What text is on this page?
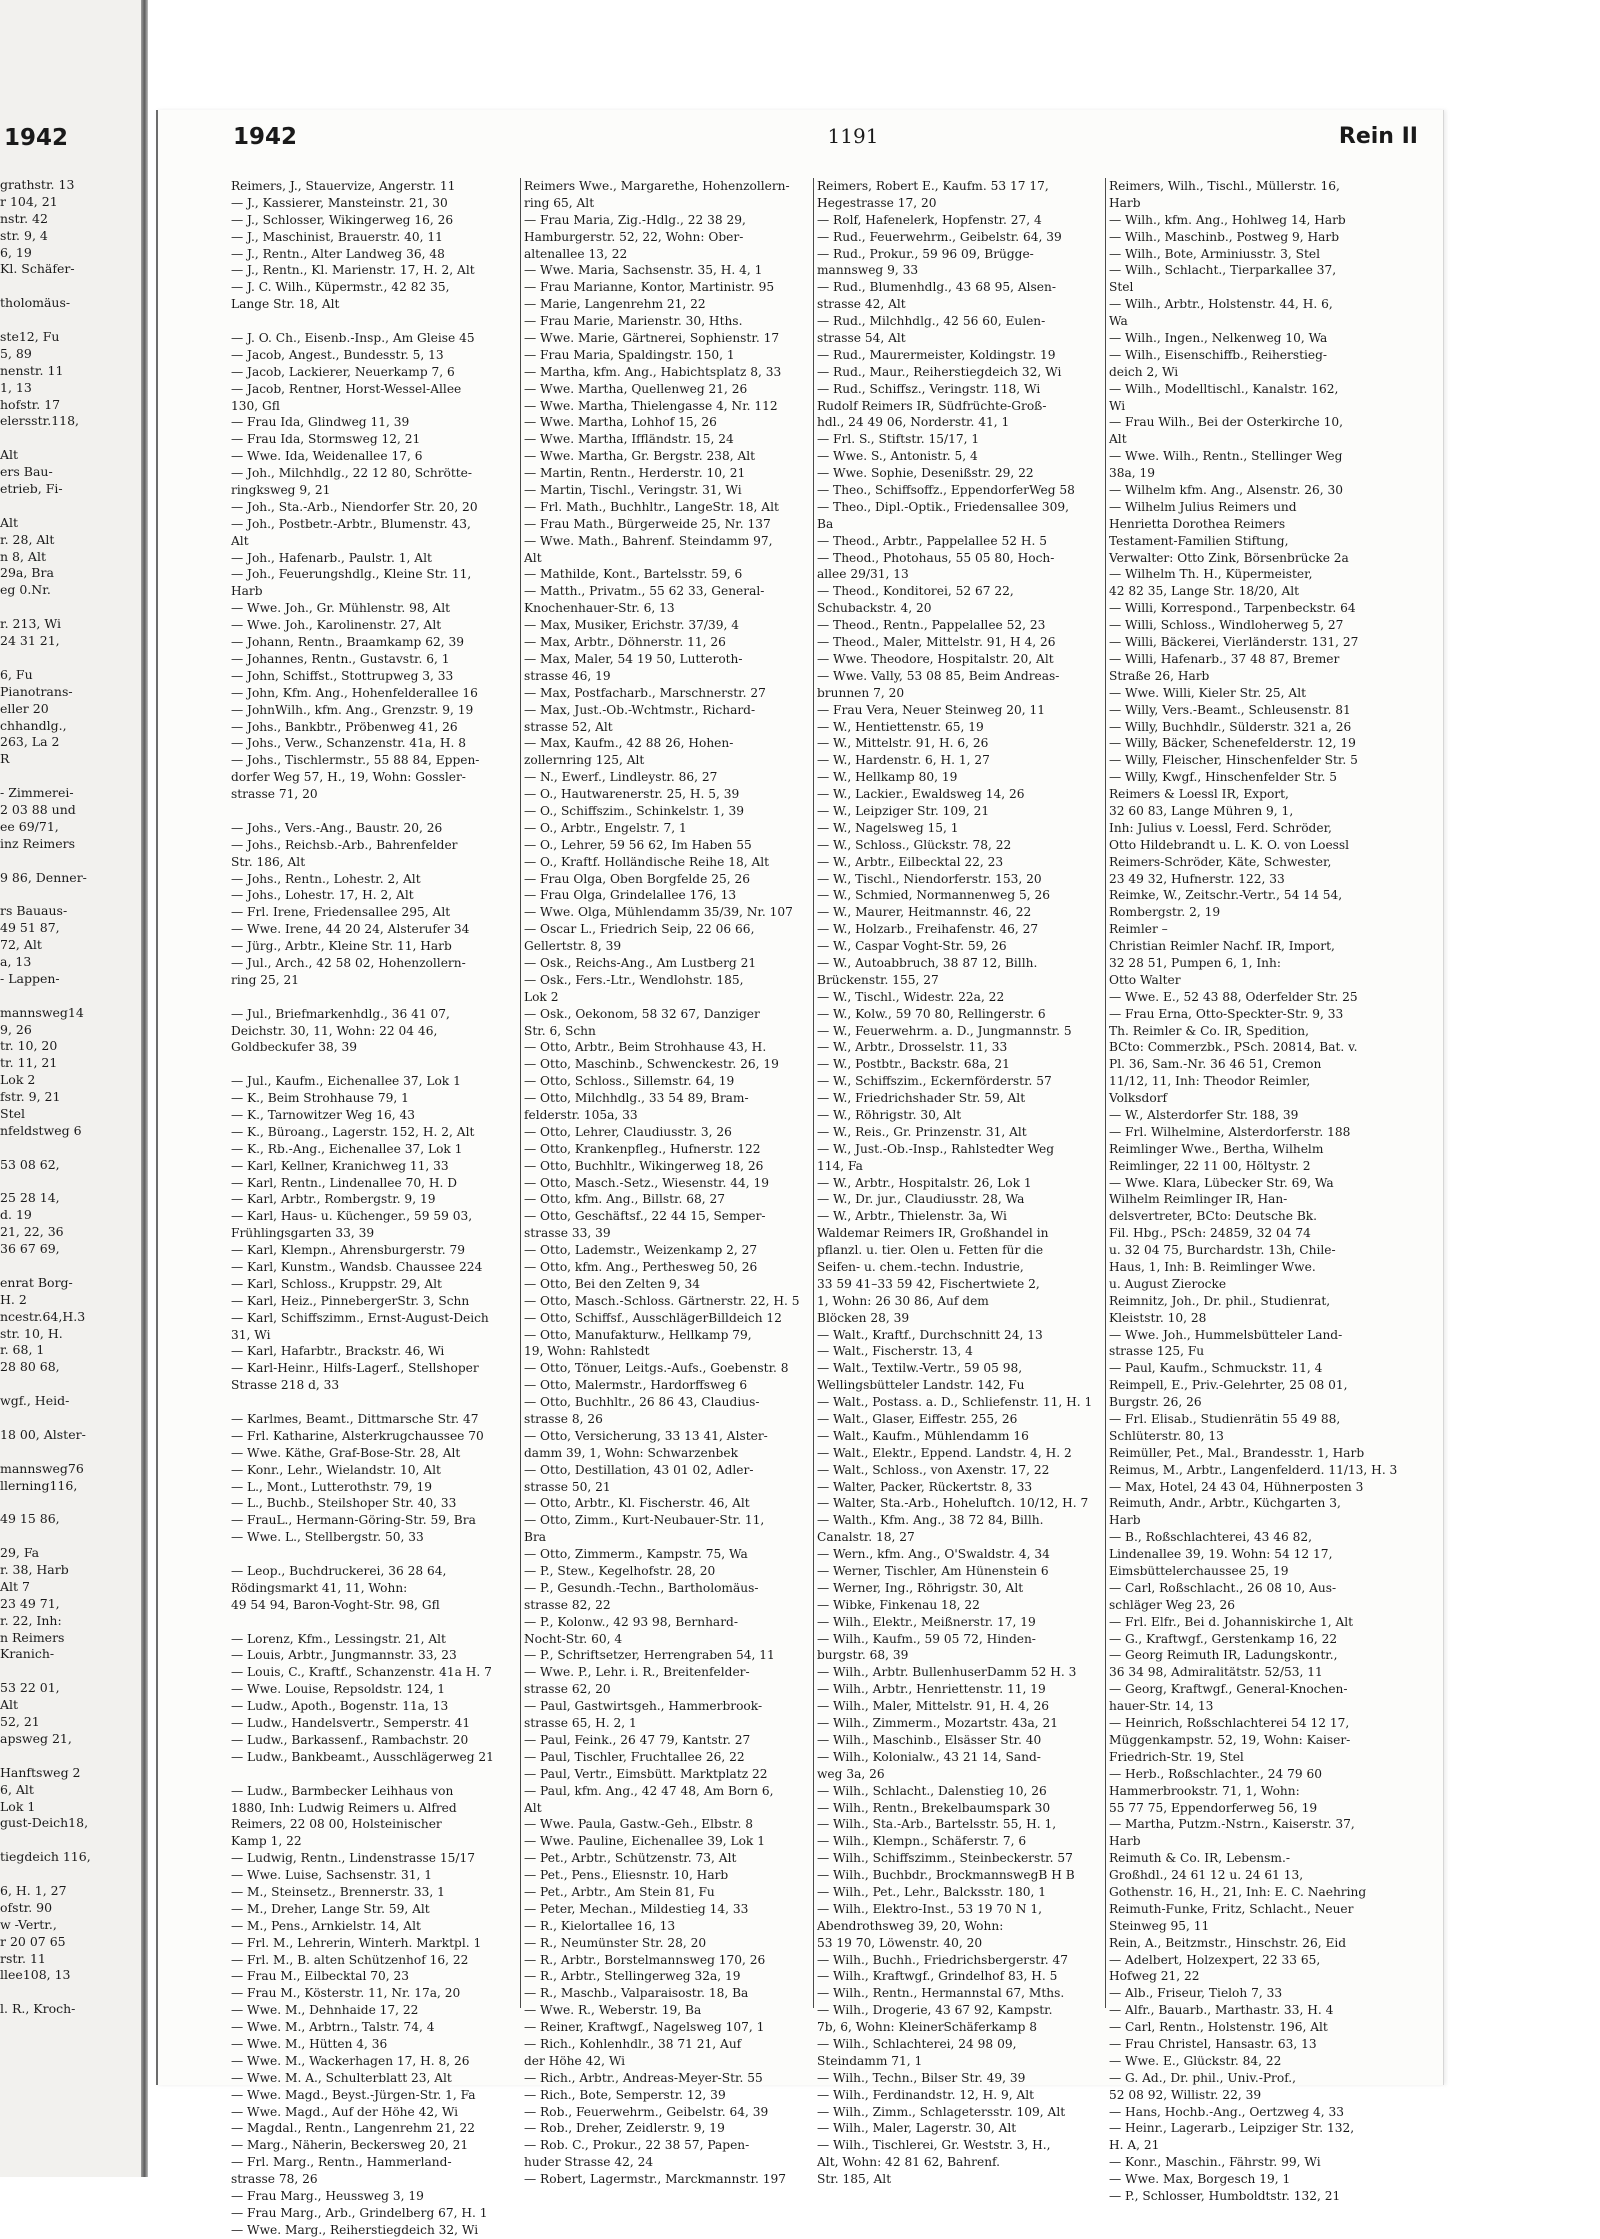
1942
grathstr. 13
r 104, 21
nstr. 42
str. 9, 4
6, 19
Kl. Schäfer-
tholomäus-
ste12, Fu
5, 89
nenstr. 11
1, 13
hofstr. 17
elersstr.118,
Alt
ers Bau-
etrieb, Fi-
Alt
r. 28, Alt
n 8, Alt
29a, Bra
eg 0.Nr.
r. 213, Wi
24 31 21,
6, Fu
Pianotrans-
eller 20
chhandlg.,
263, La 2
R
- Zimmerei-
2 03 88 und
ee 69/71,
inz Reimers
9 86, Denner-
rs Bauaus-
49 51 87,
72, Alt
a, 13
- Lappen-
mannsweg14
9, 26
tr. 10, 20
tr. 11, 21
Lok 2
fstr. 9, 21
Stel
nfeldstweg 6
53 08 62,
25 28 14,
d. 19
21, 22, 36
36 67 69,
enrat Borg-
H. 2
ncestr.64,H.3
str. 10, H.
r. 68, 1
28 80 68,
wgf., Heid-
18 00, Alster-
mannsweg76
llerning116,
49 15 86,
29, Fa
r. 38, Harb
Alt 7
23 49 71,
r. 22, Inh:
n Reimers
Kranich-
53 22 01,
Alt
52, 21
apsweg 21,
Hanftsweg 2
6, Alt
Lok 1
gust-Deich18,
tiegdeich 116,
6, H. 1, 27
ofstr. 90
w -Vertr.,
r 20 07 65
rstr. 11
llee108, 13
l. R., Kroch-
1942	1191	Rein II
Reimers, J., Stauervize, Angerstr. 11
— J., Kassierer, Mansteinstr. 21, 30
— J., Schlosser, Wikingerweg 16, 26
— J., Maschinist, Brauerstr. 40, 11
— J., Rentn., Alter Landweg 36, 48
— J., Rentn., Kl. Marienstr. 17, H. 2, Alt
— J. C. Wilh., Küpermstr., 42 82 35,
Lange Str. 18, Alt
— J. O. Ch., Eisenb.-Insp., Am Gleise 45
— Jacob, Angest., Bundesstr. 5, 13
— Jacob, Lackierer, Neuerkamp 7, 6
— Jacob, Rentner, Horst-Wessel-Allee
130, Gfl
— Frau Ida, Glindweg 11, 39
— Frau Ida, Stormsweg 12, 21
— Wwe. Ida, Weidenallee 17, 6
— Joh., Milchhdlg., 22 12 80, Schrötte-
ringksweg 9, 21
— Joh., Sta.-Arb., Niendorfer Str. 20, 20
— Joh., Postbetr.-Arbtr., Blumenstr. 43,
Alt
— Joh., Hafenarb., Paulstr. 1, Alt
— Joh., Feuerungshdlg., Kleine Str. 11,
Harb
— Wwe. Joh., Gr. Mühlenstr. 98, Alt
— Wwe. Joh., Karolinenstr. 27, Alt
— Johann, Rentn., Braamkamp 62, 39
— Johannes, Rentn., Gustavstr. 6, 1
— John, Schiffst., Stottrupweg 3, 33
— John, Kfm. Ang., Hohenfelderallee 16
— JohnWilh., kfm. Ang., Grenzstr. 9, 19
— Johs., Bankbtr., Pröbenweg 41, 26
— Johs., Verw., Schanzenstr. 41a, H. 8
— Johs., Tischlermstr., 55 88 84, Eppen-
dorfer Weg 57, H., 19, Wohn: Gossler-
strasse 71, 20
— Johs., Vers.-Ang., Baustr. 20, 26
— Johs., Reichsb.-Arb., Bahrenfelder
Str. 186, Alt
— Johs., Rentn., Lohestr. 2, Alt
— Johs., Lohestr. 17, H. 2, Alt
— Frl. Irene, Friedensallee 295, Alt
— Wwe. Irene, 44 20 24, Alsterufer 34
— Jürg., Arbtr., Kleine Str. 11, Harb
— Jul., Arch., 42 58 02, Hohenzollern-
ring 25, 21
— Jul., Briefmarkenhdlg., 36 41 07,
Deichstr. 30, 11, Wohn: 22 04 46,
Goldbeckufer 38, 39
— Jul., Kaufm., Eichenallee 37, Lok 1
— K., Beim Strohhause 79, 1
— K., Tarnowitzer Weg 16, 43
— K., Büroang., Lagerstr. 152, H. 2, Alt
— K., Rb.-Ang., Eichenallee 37, Lok 1
— Karl, Kellner, Kranichweg 11, 33
— Karl, Rentn., Lindenallee 70, H. D
— Karl, Arbtr., Rombergstr. 9, 19
— Karl, Haus- u. Küchenger., 59 59 03,
Frühlingsgarten 33, 39
— Karl, Klempn., Ahrensburgerstr. 79
— Karl, Kunstm., Wandsb. Chaussee 224
— Karl, Schloss., Kruppstr. 29, Alt
— Karl, Heiz., PinnebergerStr. 3, Schn
— Karl, Schiffszimm., Ernst-August-Deich
31, Wi
— Karl, Hafarbtr., Brackstr. 46, Wi
— Karl-Heinr., Hilfs-Lagerf., Stellshoper
Strasse 218 d, 33
— Karlmes, Beamt., Dittmarsche Str. 47
— Frl. Katharine, Alsterkrugchaussee 70
— Wwe. Käthe, Graf-Bose-Str. 28, Alt
— Konr., Lehr., Wielandstr. 10, Alt
— L., Mont., Lutterothstr. 79, 19
— L., Buchb., Steilshoper Str. 40, 33
— FrauL., Hermann-Göring-Str. 59, Bra
— Wwe. L., Stellbergstr. 50, 33
— Leop., Buchdruckerei, 36 28 64,
Rödingsmarkt 41, 11, Wohn:
49 54 94, Baron-Voght-Str. 98, Gfl
— Lorenz, Kfm., Lessingstr. 21, Alt
— Louis, Arbtr., Jungmannstr. 33, 23
— Louis, C., Kraftf., Schanzenstr. 41a H. 7
— Wwe. Louise, Repsoldstr. 124, 1
— Ludw., Apoth., Bogenstr. 11a, 13
— Ludw., Handelsvertr., Semperstr. 41
— Ludw., Barkassenf., Rambachstr. 20
— Ludw., Bankbeamt., Ausschlägerweg 21
— Ludw., Barmbecker Leihhaus von
1880, Inh: Ludwig Reimers u. Alfred
Reimers, 22 08 00, Holsteinischer
Kamp 1, 22
— Ludwig, Rentn., Lindenstrasse 15/17
— Wwe. Luise, Sachsenstr. 31, 1
— M., Steinsetz., Brennerstr. 33, 1
— M., Dreher, Lange Str. 59, Alt
— M., Pens., Arnkielstr. 14, Alt
— Frl. M., Lehrerin, Winterh. Marktpl. 1
— Frl. M., B. alten Schützenhof 16, 22
— Frau M., Eilbecktal 70, 23
— Frau M., Kösterstr. 11, Nr. 17a, 20
— Wwe. M., Dehnhaide 17, 22
— Wwe. M., Arbtrn., Talstr. 74, 4
— Wwe. M., Hütten 4, 36
— Wwe. M., Wackerhagen 17, H. 8, 26
— Wwe. M. A., Schulterblatt 23, Alt
— Wwe. Magd., Beyst.-Jürgen-Str. 1, Fa
— Wwe. Magd., Auf der Höhe 42, Wi
— Magdal., Rentn., Langenrehm 21, 22
— Marg., Näherin, Beckersweg 20, 21
— Frl. Marg., Rentn., Hammerland-
strasse 78, 26
— Frau Marg., Heussweg 3, 19
— Frau Marg., Arb., Grindelberg 67, H. 1
— Wwe. Marg., Reiherstiegdeich 32, Wi
Reimers Wwe., Margarethe, Hohenzollern-
ring 65, Alt
— Frau Maria, Zig.-Hdlg., 22 38 29,
Hamburgerstr. 52, 22, Wohn: Ober-
altenallee 13, 22
— Wwe. Maria, Sachsenstr. 35, H. 4, 1
— Frau Marianne, Kontor, Martinistr. 95
— Marie, Langenrehm 21, 22
— Frau Marie, Marienstr. 30, Hths.
— Wwe. Marie, Gärtnerei, Sophienstr. 17
— Frau Maria, Spaldingstr. 150, 1
— Martha, kfm. Ang., Habichtsplatz 8, 33
— Wwe. Martha, Quellenweg 21, 26
— Wwe. Martha, Thielengasse 4, Nr. 112
— Wwe. Martha, Lohhof 15, 26
— Wwe. Martha, Iffländstr. 15, 24
— Wwe. Martha, Gr. Bergstr. 238, Alt
— Martin, Rentn., Herderstr. 10, 21
— Martin, Tischl., Veringstr. 31, Wi
— Frl. Math., Buchhltr., LangeStr. 18, Alt
— Frau Math., Bürgerweide 25, Nr. 137
— Wwe. Math., Bahrenf. Steindamm 97,
Alt
— Mathilde, Kont., Bartelsstr. 59, 6
— Matth., Privatm., 55 62 33, General-
Knochenhauer-Str. 6, 13
— Max, Musiker, Erichstr. 37/39, 4
— Max, Arbtr., Döhnerstr. 11, 26
— Max, Maler, 54 19 50, Lutteroth-
strasse 46, 19
— Max, Postfacharb., Marschnerstr. 27
— Max, Just.-Ob.-Wchtmstr., Richard-
strasse 52, Alt
— Max, Kaufm., 42 88 26, Hohen-
zollernring 125, Alt
— N., Ewerf., Lindleystr. 86, 27
— O., Hautwarenerstr. 25, H. 5, 39
— O., Schiffszim., Schinkelstr. 1, 39
— O., Arbtr., Engelstr. 7, 1
— O., Lehrer, 59 56 62, Im Haben 55
— O., Kraftf. Holländische Reihe 18, Alt
— Frau Olga, Oben Borgfelde 25, 26
— Frau Olga, Grindelallee 176, 13
— Wwe. Olga, Mühlendamm 35/39, Nr. 107
— Oscar L., Friedrich Seip, 22 06 66,
Gellertstr. 8, 39
— Osk., Reichs-Ang., Am Lustberg 21
— Osk., Fers.-Ltr., Wendlohstr. 185,
Lok 2
— Osk., Oekonom, 58 32 67, Danziger
Str. 6, Schn
— Otto, Arbtr., Beim Strohhause 43, H.
— Otto, Maschinb., Schwenckestr. 26, 19
— Otto, Schloss., Sillemstr. 64, 19
— Otto, Milchhdlg., 33 54 89, Bram-
felderstr. 105a, 33
— Otto, Lehrer, Claudiusstr. 3, 26
— Otto, Krankenpfleg., Hufnerstr. 122
— Otto, Buchhltr., Wikingerweg 18, 26
— Otto, Masch.-Setz., Wiesenstr. 44, 19
— Otto, kfm. Ang., Billstr. 68, 27
— Otto, Geschäftsf., 22 44 15, Semper-
strasse 33, 39
— Otto, Lademstr., Weizenkamp 2, 27
— Otto, kfm. Ang., Perthesweg 50, 26
— Otto, Bei den Zelten 9, 34
— Otto, Masch.-Schloss. Gärtnerstr. 22, H. 5
— Otto, Schiffsf., AusschlägerBilldeich 12
— Otto, Manufakturw., Hellkamp 79,
19, Wohn: Rahlstedt
— Otto, Tönuer, Leitgs.-Aufs., Goebenstr. 8
— Otto, Malermstr., Hardorffsweg 6
— Otto, Buchhltr., 26 86 43, Claudius-
strasse 8, 26
— Otto, Versicherung, 33 13 41, Alster-
damm 39, 1, Wohn: Schwarzenbek
— Otto, Destillation, 43 01 02, Adler-
strasse 50, 21
— Otto, Arbtr., Kl. Fischerstr. 46, Alt
— Otto, Zimm., Kurt-Neubauer-Str. 11,
Bra
— Otto, Zimmerm., Kampstr. 75, Wa
— P., Stew., Kegelhofstr. 28, 20
— P., Gesundh.-Techn., Bartholomäus-
strasse 82, 22
— P., Kolonw., 42 93 98, Bernhard-
Nocht-Str. 60, 4
— P., Schriftsetzer, Herrengraben 54, 11
— Wwe. P., Lehr. i. R., Breitenfelder-
strasse 62, 20
— Paul, Gastwirtsgeh., Hammerbrook-
strasse 65, H. 2, 1
— Paul, Feink., 26 47 79, Kantstr. 27
— Paul, Tischler, Fruchtallee 26, 22
— Paul, Vertr., Eimsbütt. Marktplatz 22
— Paul, kfm. Ang., 42 47 48, Am Born 6,
Alt
— Wwe. Paula, Gastw.-Geh., Elbstr. 8
— Wwe. Pauline, Eichenallee 39, Lok 1
— Pet., Arbtr., Schützenstr. 73, Alt
— Pet., Pens., Eliesnstr. 10, Harb
— Pet., Arbtr., Am Stein 81, Fu
— Peter, Mechan., Mildestieg 14, 33
— R., Kielortallee 16, 13
— R., Neumünster Str. 28, 20
— R., Arbtr., Borstelmannsweg 170, 26
— R., Arbtr., Stellingerweg 32a, 19
— R., Maschb., Valparaisostr. 18, Ba
— Wwe. R., Weberstr. 19, Ba
— Reiner, Kraftwgf., Nagelsweg 107, 1
— Rich., Kohlenhdlr., 38 71 21, Auf
der Höhe 42, Wi
— Rich., Arbtr., Andreas-Meyer-Str. 55
— Rich., Bote, Semperstr. 12, 39
— Rob., Feuerwehrm., Geibelstr. 64, 39
— Rob., Dreher, Zeidlerstr. 9, 19
— Rob. C., Prokur., 22 38 57, Papen-
huder Strasse 42, 24
— Robert, Lagermstr., Marckmannstr. 197
Reimers, Robert E., Kaufm. 53 17 17,
Hegestrasse 17, 20
— Rolf, Hafenelerk, Hopfenstr. 27, 4
— Rud., Feuerwehrm., Geibelstr. 64, 39
— Rud., Prokur., 59 96 09, Brügge-
mannsweg 9, 33
— Rud., Blumenhdlg., 43 68 95, Alsen-
strasse 42, Alt
— Rud., Milchhdlg., 42 56 60, Eulen-
strasse 54, Alt
— Rud., Maurermeister, Koldingstr. 19
— Rud., Maur., Reiherstiegdeich 32, Wi
— Rud., Schiffsz., Veringstr. 118, Wi
Rudolf Reimers IR, Südfrüchte-Groß-
hdl., 24 49 06, Norderstr. 41, 1
— Frl. S., Stiftstr. 15/17, 1
— Wwe. S., Antonistr. 5, 4
— Wwe. Sophie, Desenißstr. 29, 22
— Theo., Schiffsoffz., EppendorferWeg 58
— Theo., Dipl.-Optik., Friedensallee 309,
Ba
— Theod., Arbtr., Pappelallee 52 H. 5
— Theod., Photohaus, 55 05 80, Hoch-
allee 29/31, 13
— Theod., Konditorei, 52 67 22,
Schubackstr. 4, 20
— Theod., Rentn., Pappelallee 52, 23
— Theod., Maler, Mittelstr. 91, H 4, 26
— Wwe. Theodore, Hospitalstr. 20, Alt
— Wwe. Vally, 53 08 85, Beim Andreas-
brunnen 7, 20
— Frau Vera, Neuer Steinweg 20, 11
— W., Hentiettenstr. 65, 19
— W., Mittelstr. 91, H. 6, 26
— W., Hardenstr. 6, H. 1, 27
— W., Hellkamp 80, 19
— W., Lackier., Ewaldsweg 14, 26
— W., Leipziger Str. 109, 21
— W., Nagelsweg 15, 1
— W., Schloss., Glückstr. 78, 22
— W., Arbtr., Eilbecktal 22, 23
— W., Tischl., Niendorferstr. 153, 20
— W., Schmied, Normannenweg 5, 26
— W., Maurer, Heitmannstr. 46, 22
— W., Holzarb., Freihafenstr. 46, 27
— W., Caspar Voght-Str. 59, 26
— W., Autoabbruch, 38 87 12, Billh.
Brückenstr. 155, 27
— W., Tischl., Widestr. 22a, 22
— W., Kolw., 59 70 80, Rellingerstr. 6
— W., Feuerwehrm. a. D., Jungmannstr. 5
— W., Arbtr., Drosselstr. 11, 33
— W., Postbtr., Backstr. 68a, 21
— W., Schiffszim., Eckernförderstr. 57
— W., Friedrichshader Str. 59, Alt
— W., Röhrigstr. 30, Alt
— W., Reis., Gr. Prinzenstr. 31, Alt
— W., Just.-Ob.-Insp., Rahlstedter Weg
114, Fa
— W., Arbtr., Hospitalstr. 26, Lok 1
— W., Dr. jur., Claudiusstr. 28, Wa
— W., Arbtr., Thielenstr. 3a, Wi
Waldemar Reimers IR, Großhandel in
pflanzl. u. tier. Olen u. Fetten für die
Seifen- u. chem.-techn. Industrie,
33 59 41–33 59 42, Fischertwiete 2,
1, Wohn: 26 30 86, Auf dem
Blöcken 28, 39
— Walt., Kraftf., Durchschnitt 24, 13
— Walt., Fischerstr. 13, 4
— Walt., Textilw.-Vertr., 59 05 98,
Wellingsbütteler Landstr. 142, Fu
— Walt., Postass. a. D., Schliefenstr. 11, H. 1
— Walt., Glaser, Eiffestr. 255, 26
— Walt., Kaufm., Mühlendamm 16
— Walt., Elektr., Eppend. Landstr. 4, H. 2
— Walt., Schloss., von Axenstr. 17, 22
— Walter, Packer, Rückertstr. 8, 33
— Walter, Sta.-Arb., Hoheluftch. 10/12, H. 7
— Walth., Kfm. Ang., 38 72 84, Billh.
Canalstr. 18, 27
— Wern., kfm. Ang., O'Swaldstr. 4, 34
— Werner, Tischler, Am Hünenstein 6
— Werner, Ing., Röhrigstr. 30, Alt
— Wibke, Finkenau 18, 22
— Wilh., Elektr., Meißnerstr. 17, 19
— Wilh., Kaufm., 59 05 72, Hinden-
burgstr. 68, 39
— Wilh., Arbtr. BullenhuserDamm 52 H. 3
— Wilh., Arbtr., Henriettenstr. 11, 19
— Wilh., Maler, Mittelstr. 91, H. 4, 26
— Wilh., Zimmerm., Mozartstr. 43a, 21
— Wilh., Maschinb., Elsässer Str. 40
— Wilh., Kolonialw., 43 21 14, Sand-
weg 3a, 26
— Wilh., Schlacht., Dalenstieg 10, 26
— Wilh., Rentn., Brekelbaumspark 30
— Wilh., Sta.-Arb., Bartelsstr. 55, H. 1,
— Wilh., Klempn., Schäferstr. 7, 6
— Wilh., Schiffszimm., Steinbeckerstr. 57
— Wilh., Buchbdr., BrockmannswegB H B
— Wilh., Pet., Lehr., Balcksstr. 180, 1
— Wilh., Elektro-Inst., 53 19 70 N 1,
Abendrothsweg 39, 20, Wohn:
53 19 70, Löwenstr. 40, 20
— Wilh., Buchh., Friedrichsbergerstr. 47
— Wilh., Kraftwgf., Grindelhof 83, H. 5
— Wilh., Rentn., Hermannstal 67, Mths.
— Wilh., Drogerie, 43 67 92, Kampstr.
7b, 6, Wohn: KleinerSchäferkamp 8
— Wilh., Schlachterei, 24 98 09,
Steindamm 71, 1
— Wilh., Techn., Bilser Str. 49, 39
— Wilh., Ferdinandstr. 12, H. 9, Alt
— Wilh., Zimm., Schlagetersstr. 109, Alt
— Wilh., Maler, Lagerstr. 30, Alt
— Wilh., Tischlerei, Gr. Weststr. 3, H.,
Alt, Wohn: 42 81 62, Bahrenf.
Str. 185, Alt
Reimers, Wilh., Tischl., Müllerstr. 16,
Harb
— Wilh., kfm. Ang., Hohlweg 14, Harb
— Wilh., Maschinb., Postweg 9, Harb
— Wilh., Bote, Arminiusstr. 3, Stel
— Wilh., Schlacht., Tierparkallee 37,
Stel
— Wilh., Arbtr., Holstenstr. 44, H. 6,
Wa
— Wilh., Ingen., Nelkenweg 10, Wa
— Wilh., Eisenschiffb., Reiherstieg-
deich 2, Wi
— Wilh., Modelltischl., Kanalstr. 162,
Wi
— Frau Wilh., Bei der Osterkirche 10,
Alt
— Wwe. Wilh., Rentn., Stellinger Weg
38a, 19
— Wilhelm kfm. Ang., Alsenstr. 26, 30
— Wilhelm Julius Reimers und
Henrietta Dorothea Reimers
Testament-Familien Stiftung,
Verwalter: Otto Zink, Börsenbrücke 2a
— Wilhelm Th. H., Küpermeister,
42 82 35, Lange Str. 18/20, Alt
— Willi, Korrespond., Tarpenbeckstr. 64
— Willi, Schloss., Windloherweg 5, 27
— Willi, Bäckerei, Vierländerstr. 131, 27
— Willi, Hafenarb., 37 48 87, Bremer
Straße 26, Harb
— Wwe. Willi, Kieler Str. 25, Alt
— Willy, Vers.-Beamt., Schleusenstr. 81
— Willy, Buchhdlr., Sülderstr. 321 a, 26
— Willy, Bäcker, Schenefelderstr. 12, 19
— Willy, Fleischer, Hinschenfelder Str. 5
— Willy, Kwgf., Hinschenfelder Str. 5
Reimers & Loessl IR, Export,
32 60 83, Lange Mühren 9, 1,
Inh: Julius v. Loessl, Ferd. Schröder,
Otto Hildebrandt u. L. K. O. von Loessl
Reimers-Schröder, Käte, Schwester,
23 49 32, Hufnerstr. 122, 33
Reimke, W., Zeitschr.-Vertr., 54 14 54,
Rombergstr. 2, 19
Reimler –
Christian Reimler Nachf. IR, Import,
32 28 51, Pumpen 6, 1, Inh:
Otto Walter
— Wwe. E., 52 43 88, Oderfelder Str. 25
— Frau Erna, Otto-Speckter-Str. 9, 33
Th. Reimler & Co. IR, Spedition,
BCto: Commerzbk., PSch. 20814, Bat. v.
Pl. 36, Sam.-Nr. 36 46 51, Cremon
11/12, 11, Inh: Theodor Reimler,
Volksdorf
— W., Alsterdorfer Str. 188, 39
— Frl. Wilhelmine, Alsterdorferstr. 188
Reimlinger Wwe., Bertha, Wilhelm
Reimlinger, 22 11 00, Höltystr. 2
— Wwe. Klara, Lübecker Str. 69, Wa
Wilhelm Reimlinger IR, Han-
delsvertreter, BCto: Deutsche Bk.
Fil. Hbg., PSch: 24859, 32 04 74
u. 32 04 75, Burchardstr. 13h, Chile-
Haus, 1, Inh: B. Reimlinger Wwe.
u. August Zierocke
Reimnitz, Joh., Dr. phil., Studienrat,
Kleiststr. 10, 28
— Wwe. Joh., Hummelsbütteler Land-
strasse 125, Fu
— Paul, Kaufm., Schmuckstr. 11, 4
Reimpell, E., Priv.-Gelehrter, 25 08 01,
Burgstr. 26, 26
— Frl. Elisab., Studienrätin 55 49 88,
Schlüterstr. 80, 13
Reimüller, Pet., Mal., Brandesstr. 1, Harb
Reimus, M., Arbtr., Langenfelderd. 11/13, H. 3
— Max, Hotel, 24 43 04, Hühnerposten 3
Reimuth, Andr., Arbtr., Küchgarten 3,
Harb
— B., Roßschlachterei, 43 46 82,
Lindenallee 39, 19. Wohn: 54 12 17,
Eimsbüttelerchaussee 25, 19
— Carl, Roßschlacht., 26 08 10, Aus-
schläger Weg 23, 26
— Frl. Elfr., Bei d. Johanniskirche 1, Alt
— G., Kraftwgf., Gerstenkamp 16, 22
— Georg Reimuth IR, Ladungskontr.,
36 34 98, Admiralitätstr. 52/53, 11
— Georg, Kraftwgf., General-Knochen-
hauer-Str. 14, 13
— Heinrich, Roßschlachterei 54 12 17,
Müggenkampstr. 52, 19, Wohn: Kaiser-
Friedrich-Str. 19, Stel
— Herb., Roßschlachter., 24 79 60
Hammerbrookstr. 71, 1, Wohn:
55 77 75, Eppendorferweg 56, 19
— Martha, Putzm.-Nstrn., Kaiserstr. 37,
Harb
Reimuth & Co. IR, Lebensm.-
Großhdl., 24 61 12 u. 24 61 13,
Gothenstr. 16, H., 21, Inh: E. C. Naehring
Reimuth-Funke, Fritz, Schlacht., Neuer
Steinweg 95, 11
Rein, A., Beitzmstr., Hinschstr. 26, Eid
— Adelbert, Holzexpert, 22 33 65,
Hofweg 21, 22
— Alb., Friseur, Tieloh 7, 33
— Alfr., Bauarb., Marthastr. 33, H. 4
— Carl, Rentn., Holstenstr. 196, Alt
— Frau Christel, Hansastr. 63, 13
— Wwe. E., Glückstr. 84, 22
— G. Ad., Dr. phil., Univ.-Prof.,
52 08 92, Willistr. 22, 39
— Hans, Hochb.-Ang., Oertzweg 4, 33
— Heinr., Lagerarb., Leipziger Str. 132,
H. A, 21
— Konr., Maschin., Fährstr. 99, Wi
— Wwe. Max, Borgesch 19, 1
— P., Schlosser, Humboldtstr. 132, 21
